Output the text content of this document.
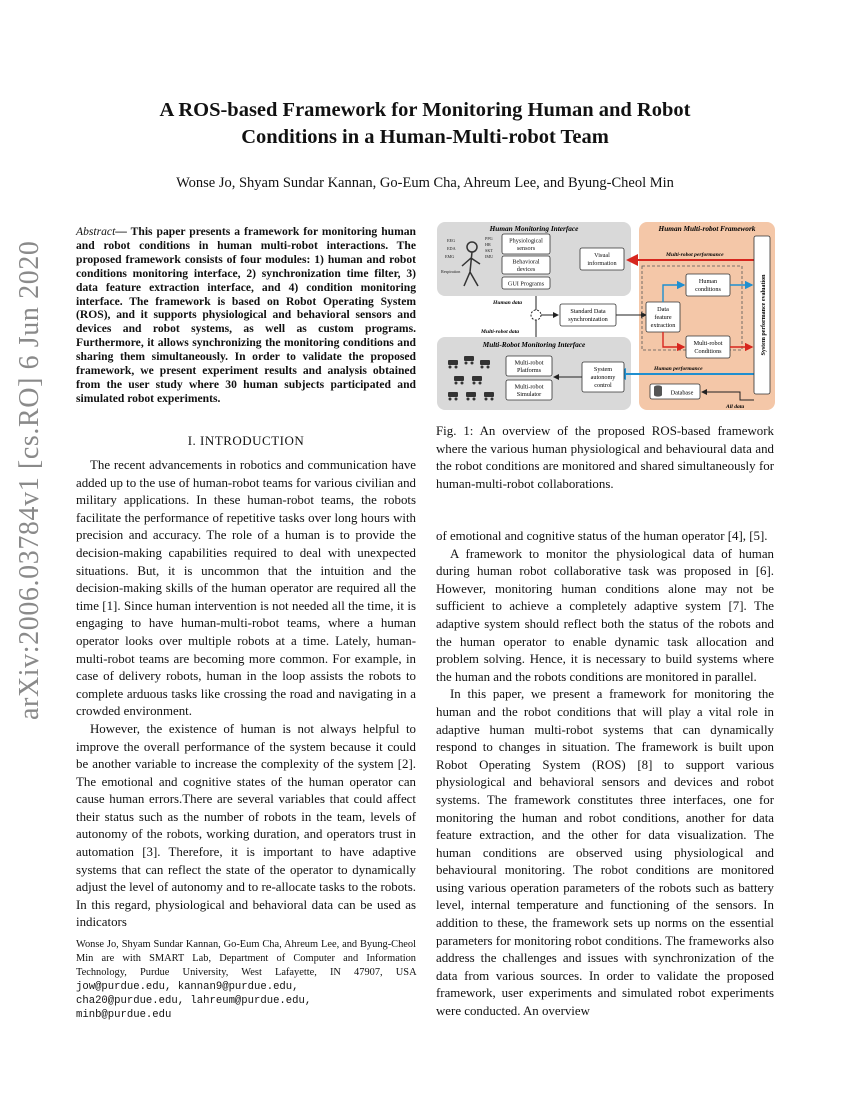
arXiv:2006.03784v1 [cs.RO] 6 Jun 2020
A ROS-based Framework for Monitoring Human and Robot
Conditions in a Human-Multi-robot Team
Wonse Jo, Shyam Sundar Kannan, Go-Eum Cha, Ahreum Lee, and Byung-Cheol Min
Abstract— This paper presents a framework for monitoring human and robot conditions in human multi-robot interactions. The proposed framework consists of four modules: 1) human and robot conditions monitoring interface, 2) synchronization time filter, 3) data feature extraction interface, and 4) condition monitoring interface. The framework is based on Robot Operating System (ROS), and it supports physiological and behavioral sensors and devices and robot systems, as well as custom programs. Furthermore, it allows synchronizing the monitoring conditions and sharing them simultaneously. In order to validate the proposed framework, we present experiment results and analysis obtained from the user study where 30 human subjects participated and simulated robot experiments.
I. INTRODUCTION

The recent advancements in robotics and communication have added up to the use of human-robot teams for various civilian and military applications. In these human-robot teams, the robots facilitate the performance of repetitive tasks over long hours with precision and accuracy. The role of a human is to provide the decision-making capabilities required to deal with unexpected situations. But, it is uncommon that the intuition and the decision-making skills of the human operator are required all the time [1]. Since human intervention is not needed all the time, it is engaging to have human-multi-robot teams, where a human operator looks over multiple robots at a time. Lately, human-multi-robot teams are becoming more common. For example, in case of delivery robots, human in the loop assists the robots to complete arduous tasks like crossing the road and navigating in a crowded environment.

However, the existence of human is not always helpful to improve the overall performance of the system because it could be another variable to increase the complexity of the system [2]. The emotional and cognitive states of the human operator can cause human errors.There are several variables that could affect their status such as the number of robots in the team, levels of autonomy of the robots, working duration, and operators trust in automation [3]. Therefore, it is important to have adaptive systems that can reflect the state of the operator to dynamically adjust the level of autonomy and to re-allocate tasks to the robots. In this regard, physiological and behavioral data can be used as indicators

Wonse Jo, Shyam Sundar Kannan, Go-Eum Cha, Ahreum Lee, and Byung-Cheol Min are with SMART Lab, Department of Computer and Information Technology, Purdue University, West Lafayette, IN 47907, USA jow@purdue.edu, kannan9@purdue.edu,
cha20@purdue.edu, lahreum@purdue.edu,
minb@purdue.edu
Human Monitoring Interface
Multi-Robot Monitoring Interface
Human Multi-robot Framework
EEG
EDA
EMG
Respiration
PPG
HR
SKT
IMU
Physiological
sensors
Behavioral
devices
GUI Programs
Visual
information
Human data
Multi-robot data
Standard Data
synchronization
Multi-robot performance
Human performance
Data
feature
extraction
Human
conditions
Multi-robot
Conditions	System performance evaluation
Database
All data
Multi-robot
Platforms
Multi-robot
Simulator
System
autonomy
control
Fig. 1: An overview of the proposed ROS-based framework where the various human physiological and behavioural data and the robot conditions are monitored and shared simultaneously for human-multi-robot collaborations.

of emotional and cognitive status of the human operator [4], [5].

A framework to monitor the physiological data of human during human robot collaborative task was proposed in [6]. However, monitoring human conditions alone may not be sufficient to achieve a completely adaptive system [7]. The adaptive system should reflect both the status of the robots and the human operator to enable dynamic task allocation and problem solving. Hence, it is necessary to build systems where the human and the robots conditions are monitored in parallel.

In this paper, we present a framework for monitoring the human and the robot conditions that will play a vital role in adaptive human multi-robot systems that can dynamically respond to changes in situation. The framework is built upon Robot Operating System (ROS) [8] to support various physiological and behavioral sensors and devices and robot systems. The framework constitutes three interfaces, one for monitoring the human and robot conditions, another for data feature extraction, and the other for data visualization. The human conditions are observed using physiological and behavioural monitoring. The robot conditions are monitored using various operation parameters of the robots such as battery level, internal temperature and functioning of the sensors. In addition to these, the framework sets up norms on the essential parameters for monitoring robot conditions. The frameworks also address the challenges and issues with synchronization of the data from various sources. In order to validate the proposed framework, user experiments and simulated robot experiments were conducted. An overview
